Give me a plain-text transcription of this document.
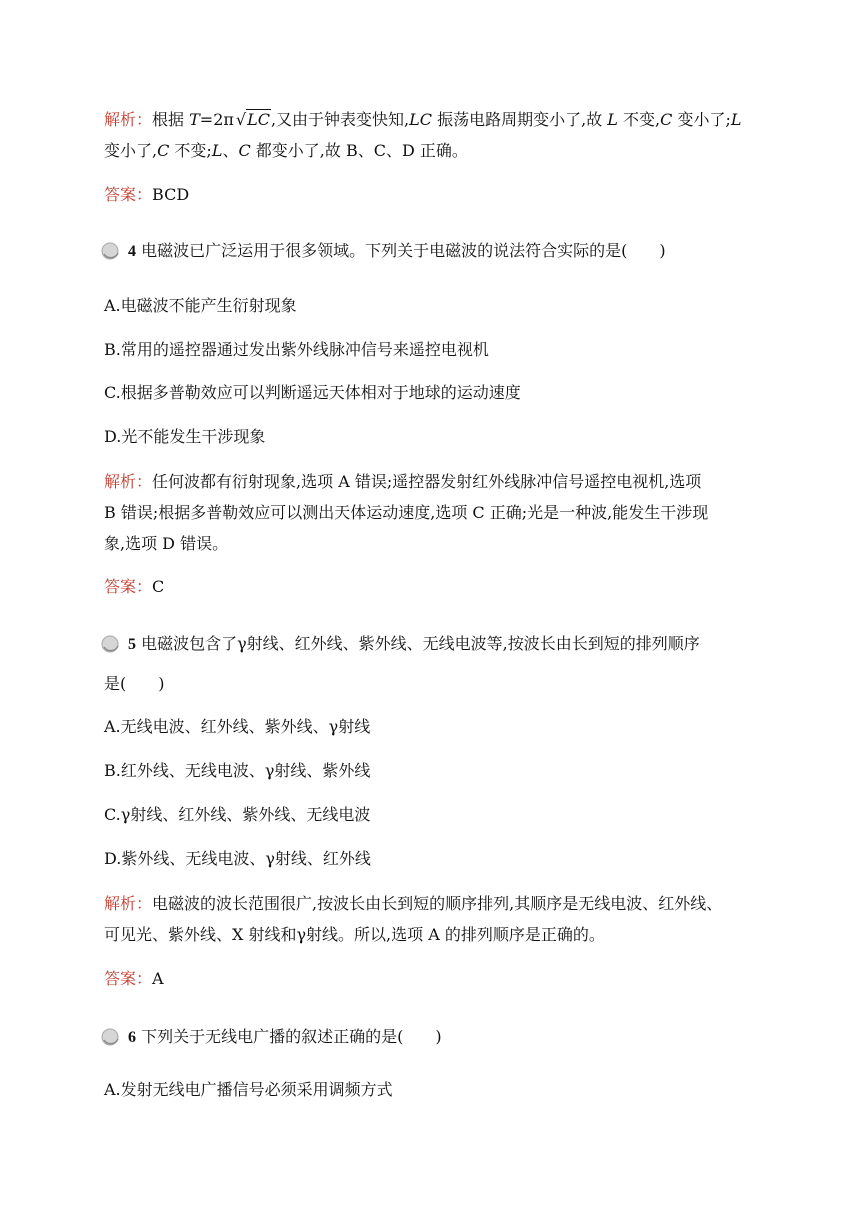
解析：根据 T=2π √LC,又由于钟表变快知,LC 振荡电路周期变小了,故 L 不变,C 变小了;L
变小了,C 不变;L、C 都变小了,故 B、C、D 正确。
答案：BCD
4 电磁波已广泛运用于很多领域。下列关于电磁波的说法符合实际的是(　　)
A.电磁波不能产生衍射现象
B.常用的遥控器通过发出紫外线脉冲信号来遥控电视机
C.根据多普勒效应可以判断遥远天体相对于地球的运动速度
D.光不能发生干涉现象
解析：任何波都有衍射现象,选项 A 错误;遥控器发射红外线脉冲信号遥控电视机,选项
B 错误;根据多普勒效应可以测出天体运动速度,选项 C 正确;光是一种波,能发生干涉现
象,选项 D 错误。
答案：C
5 电磁波包含了γ射线、红外线、紫外线、无线电波等,按波长由长到短的排列顺序
是(　　)
A.无线电波、红外线、紫外线、γ射线
B.红外线、无线电波、γ射线、紫外线
C.γ射线、红外线、紫外线、无线电波
D.紫外线、无线电波、γ射线、红外线
解析：电磁波的波长范围很广,按波长由长到短的顺序排列,其顺序是无线电波、红外线、
可见光、紫外线、X 射线和γ射线。所以,选项 A 的排列顺序是正确的。
答案：A
6 下列关于无线电广播的叙述正确的是(　　)
A.发射无线电广播信号必须采用调频方式
